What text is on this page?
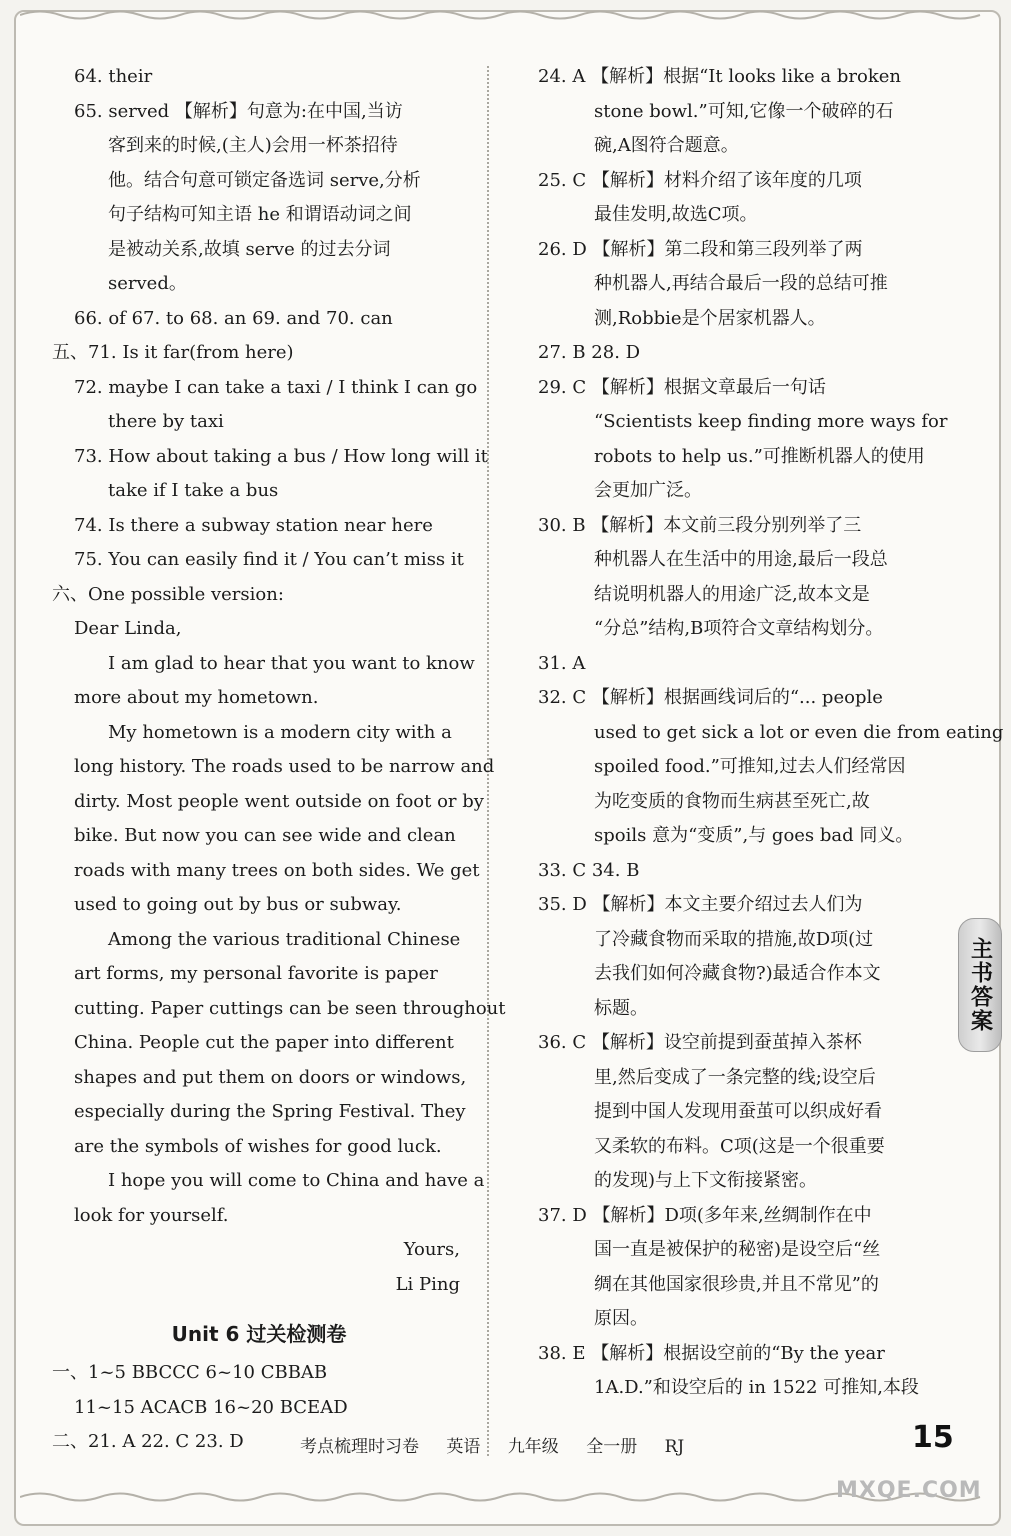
64. their
65. served 【解析】句意为:在中国,当访
客到来的时候,(主人)会用一杯茶招待
他。结合句意可锁定备选词 serve,分析
句子结构可知主语 he 和谓语动词之间
是被动关系,故填 serve 的过去分词
served。
66. of 67. to 68. an 69. and 70. can
五、71. Is it far(from here)
72. maybe I can take a taxi / I think I can go
there by taxi
73. How about taking a bus / How long will it
take if I take a bus
74. Is there a subway station near here
75. You can easily find it / You can’t miss it
六、One possible version:
Dear Linda,
I am glad to hear that you want to know
more about my hometown.
My hometown is a modern city with a
long history. The roads used to be narrow and
dirty. Most people went outside on foot or by
bike. But now you can see wide and clean
roads with many trees on both sides. We get
used to going out by bus or subway.
Among the various traditional Chinese
art forms, my personal favorite is paper
cutting. Paper cuttings can be seen throughout
China. People cut the paper into different
shapes and put them on doors or windows,
especially during the Spring Festival. They
are the symbols of wishes for good luck.
I hope you will come to China and have a
look for yourself.
Yours,
Li Ping
Unit 6 过关检测卷
一、1~5 BBCCC 6~10 CBBAB
11~15 ACACB 16~20 BCEAD
二、21. A 22. C 23. D
24. A 【解析】根据“It looks like a broken
stone bowl.”可知,它像一个破碎的石
碗,A图符合题意。
25. C 【解析】材料介绍了该年度的几项
最佳发明,故选C项。
26. D 【解析】第二段和第三段列举了两
种机器人,再结合最后一段的总结可推
测,Robbie是个居家机器人。
27. B 28. D
29. C 【解析】根据文章最后一句话
“Scientists keep finding more ways for
robots to help us.”可推断机器人的使用
会更加广泛。
30. B 【解析】本文前三段分别列举了三
种机器人在生活中的用途,最后一段总
结说明机器人的用途广泛,故本文是
“分总”结构,B项符合文章结构划分。
31. A
32. C 【解析】根据画线词后的“... people
used to get sick a lot or even die from eating
spoiled food.”可推知,过去人们经常因
为吃变质的食物而生病甚至死亡,故
spoils 意为“变质”,与 goes bad 同义。
33. C 34. B
35. D 【解析】本文主要介绍过去人们为
了冷藏食物而采取的措施,故D项(过
去我们如何冷藏食物?)最适合作本文
标题。
36. C 【解析】设空前提到蚕茧掉入茶杯
里,然后变成了一条完整的线;设空后
提到中国人发现用蚕茧可以织成好看
又柔软的布料。C项(这是一个很重要
的发现)与上下文衔接紧密。
37. D 【解析】D项(多年来,丝绸制作在中
国一直是被保护的秘密)是设空后“丝
绸在其他国家很珍贵,并且不常见”的
原因。
38. E 【解析】根据设空前的“By the year
1A.D.”和设空后的 in 1522 可推知,本段
主书答案
考点梳理时习卷 英语 九年级 全一册 RJ	15
MXQE.COM
